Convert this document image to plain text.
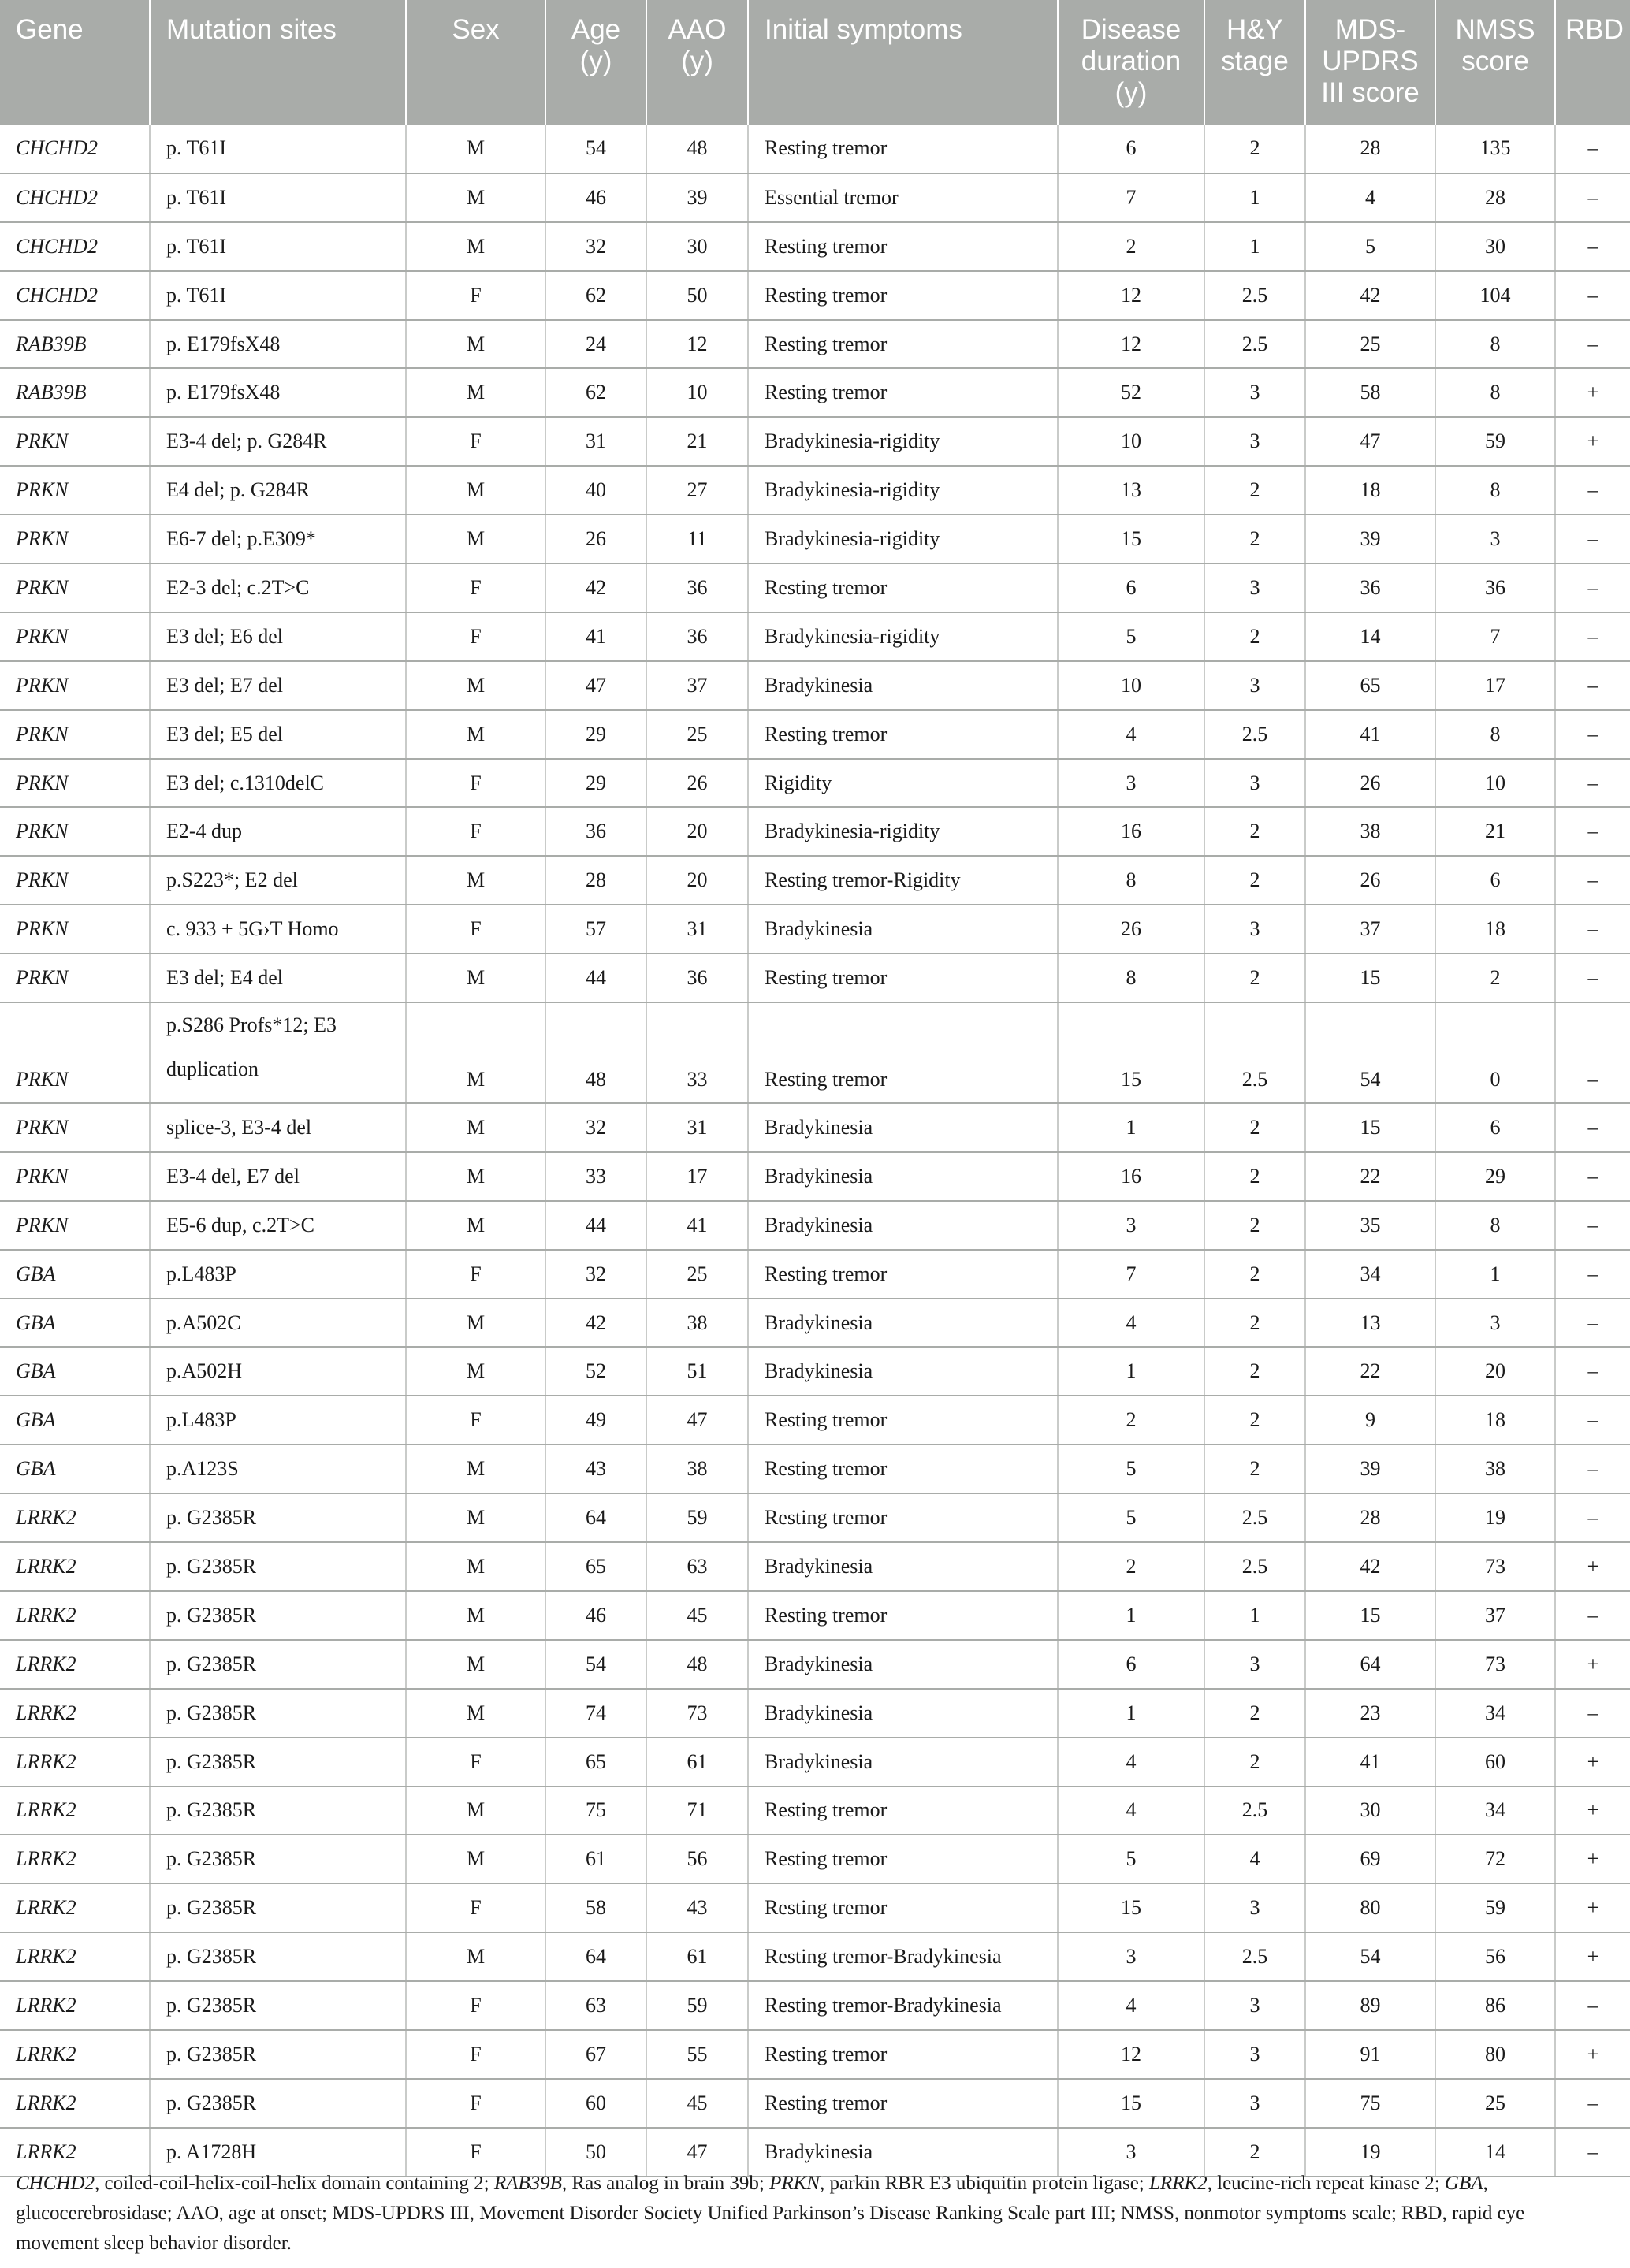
Gene	Mutation sites	Sex	Age (y)	AAO (y)	Initial symptoms	Disease duration (y)	H&Y stage	MDS-UPDRS III score	NMSS score	RBD
CHCHD2	p. T61I	M	54	48	Resting tremor	6	2	28	135	–
CHCHD2	p. T61I	M	46	39	Essential tremor	7	1	4	28	–
CHCHD2	p. T61I	M	32	30	Resting tremor	2	1	5	30	–
CHCHD2	p. T61I	F	62	50	Resting tremor	12	2.5	42	104	–
RAB39B	p. E179fsX48	M	24	12	Resting tremor	12	2.5	25	8	–
RAB39B	p. E179fsX48	M	62	10	Resting tremor	52	3	58	8	+
PRKN	E3-4 del; p. G284R	F	31	21	Bradykinesia-rigidity	10	3	47	59	+
PRKN	E4 del; p. G284R	M	40	27	Bradykinesia-rigidity	13	2	18	8	–
PRKN	E6-7 del; p.E309*	M	26	11	Bradykinesia-rigidity	15	2	39	3	–
PRKN	E2-3 del; c.2T>C	F	42	36	Resting tremor	6	3	36	36	–
PRKN	E3 del; E6 del	F	41	36	Bradykinesia-rigidity	5	2	14	7	–
PRKN	E3 del; E7 del	M	47	37	Bradykinesia	10	3	65	17	–
PRKN	E3 del; E5 del	M	29	25	Resting tremor	4	2.5	41	8	–
PRKN	E3 del; c.1310delC	F	29	26	Rigidity	3	3	26	10	–
PRKN	E2-4 dup	F	36	20	Bradykinesia-rigidity	16	2	38	21	–
PRKN	p.S223*; E2 del	M	28	20	Resting tremor-Rigidity	8	2	26	6	–
PRKN	c. 933 + 5G›T Homo	F	57	31	Bradykinesia	26	3	37	18	–
PRKN	E3 del; E4 del	M	44	36	Resting tremor	8	2	15	2	–
PRKN	p.S286 Profs*12; E3 duplication	M	48	33	Resting tremor	15	2.5	54	0	–
PRKN	splice-3, E3-4 del	M	32	31	Bradykinesia	1	2	15	6	–
PRKN	E3-4 del, E7 del	M	33	17	Bradykinesia	16	2	22	29	–
PRKN	E5-6 dup, c.2T>C	M	44	41	Bradykinesia	3	2	35	8	–
GBA	p.L483P	F	32	25	Resting tremor	7	2	34	1	–
GBA	p.A502C	M	42	38	Bradykinesia	4	2	13	3	–
GBA	p.A502H	M	52	51	Bradykinesia	1	2	22	20	–
GBA	p.L483P	F	49	47	Resting tremor	2	2	9	18	–
GBA	p.A123S	M	43	38	Resting tremor	5	2	39	38	–
LRRK2	p. G2385R	M	64	59	Resting tremor	5	2.5	28	19	–
LRRK2	p. G2385R	M	65	63	Bradykinesia	2	2.5	42	73	+
LRRK2	p. G2385R	M	46	45	Resting tremor	1	1	15	37	–
LRRK2	p. G2385R	M	54	48	Bradykinesia	6	3	64	73	+
LRRK2	p. G2385R	M	74	73	Bradykinesia	1	2	23	34	–
LRRK2	p. G2385R	F	65	61	Bradykinesia	4	2	41	60	+
LRRK2	p. G2385R	M	75	71	Resting tremor	4	2.5	30	34	+
LRRK2	p. G2385R	M	61	56	Resting tremor	5	4	69	72	+
LRRK2	p. G2385R	F	58	43	Resting tremor	15	3	80	59	+
LRRK2	p. G2385R	M	64	61	Resting tremor-Bradykinesia	3	2.5	54	56	+
LRRK2	p. G2385R	F	63	59	Resting tremor-Bradykinesia	4	3	89	86	–
LRRK2	p. G2385R	F	67	55	Resting tremor	12	3	91	80	+
LRRK2	p. G2385R	F	60	45	Resting tremor	15	3	75	25	–
LRRK2	p. A1728H	F	50	47	Bradykinesia	3	2	19	14	–
CHCHD2, coiled-coil-helix-coil-helix domain containing 2; RAB39B, Ras analog in brain 39b; PRKN, parkin RBR E3 ubiquitin protein ligase; LRRK2, leucine-rich repeat kinase 2; GBA, glucocerebrosidase; AAO, age at onset; MDS-UPDRS III, Movement Disorder Society Unified Parkinson’s Disease Ranking Scale part III; NMSS, nonmotor symptoms scale; RBD, rapid eye movement sleep behavior disorder.
